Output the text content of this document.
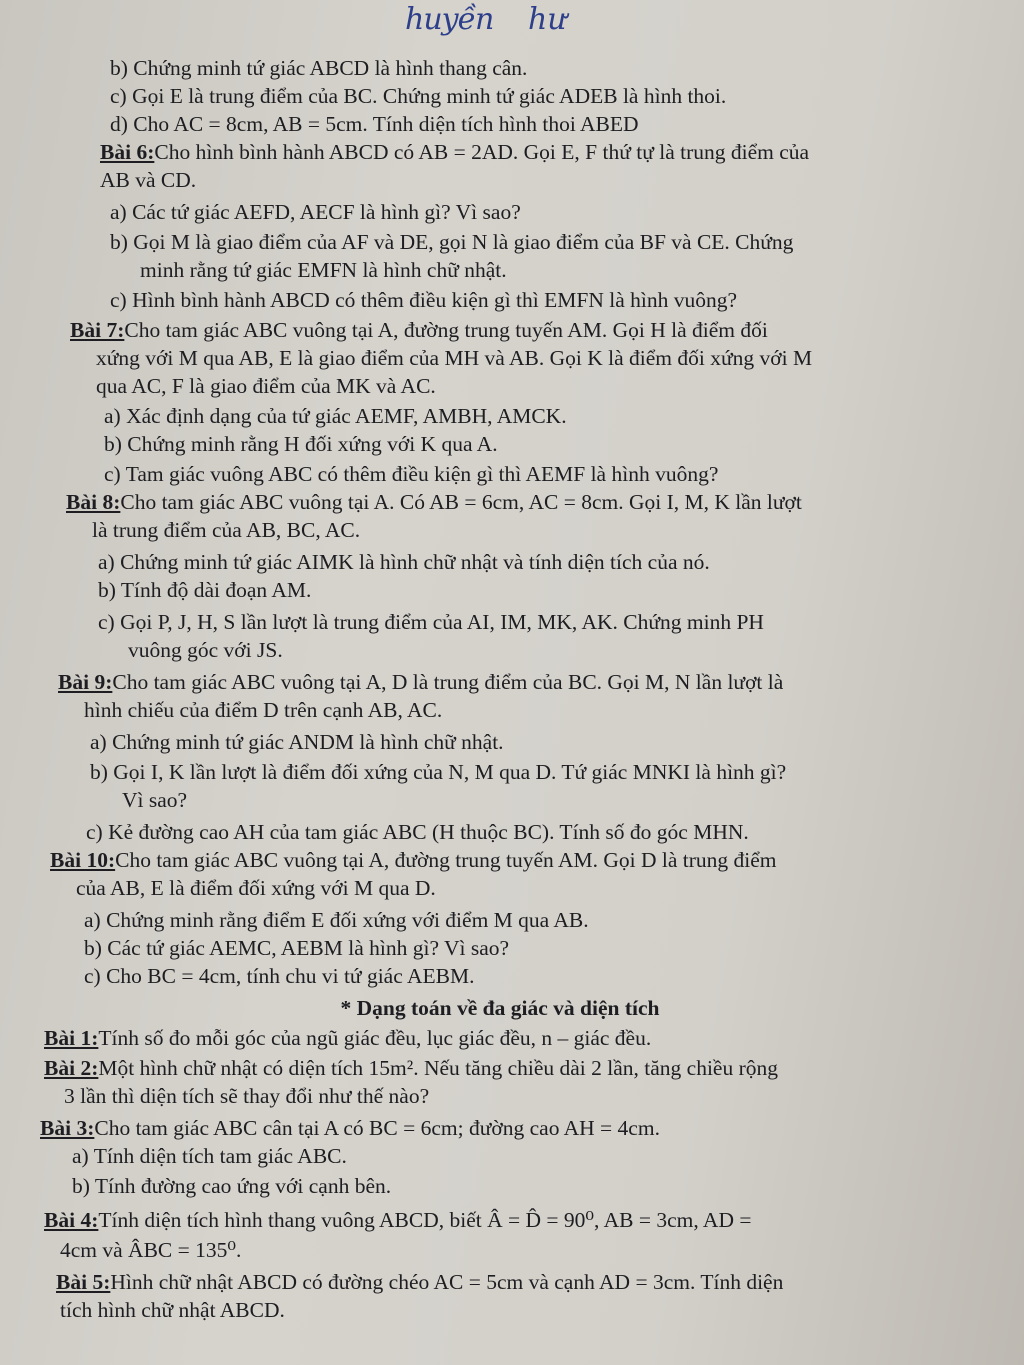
huyền hư
b) Chứng minh tứ giác ABCD là hình thang cân.
c) Gọi E là trung điểm của BC. Chứng minh tứ giác ADEB là hình thoi.
d) Cho AC = 8cm, AB = 5cm. Tính diện tích hình thoi ABED
Bài 6:Cho hình bình hành ABCD có AB = 2AD. Gọi E, F thứ tự là trung điểm của
AB và CD.
a) Các tứ giác AEFD, AECF là hình gì? Vì sao?
b) Gọi M là giao điểm của AF và DE, gọi N là giao điểm của BF và CE. Chứng
minh rằng tứ giác EMFN là hình chữ nhật.
c) Hình bình hành ABCD có thêm điều kiện gì thì EMFN là hình vuông?
Bài 7:Cho tam giác ABC vuông tại A, đường trung tuyến AM. Gọi H là điểm đối
xứng với M qua AB, E là giao điểm của MH và AB. Gọi K là điểm đối xứng với M
qua AC, F là giao điểm của MK và AC.
a) Xác định dạng của tứ giác AEMF, AMBH, AMCK.
b) Chứng minh rằng H đối xứng với K qua A.
c) Tam giác vuông ABC có thêm điều kiện gì thì AEMF là hình vuông?
Bài 8:Cho tam giác ABC vuông tại A. Có AB = 6cm, AC = 8cm. Gọi I, M, K lần lượt
là trung điểm của AB, BC, AC.
a) Chứng minh tứ giác AIMK là hình chữ nhật và tính diện tích của nó.
b) Tính độ dài đoạn AM.
c) Gọi P, J, H, S lần lượt là trung điểm của AI, IM, MK, AK. Chứng minh PH
vuông góc với JS.
Bài 9:Cho tam giác ABC vuông tại A, D là trung điểm của BC. Gọi M, N lần lượt là
hình chiếu của điểm D trên cạnh AB, AC.
a) Chứng minh tứ giác ANDM là hình chữ nhật.
b) Gọi I, K lần lượt là điểm đối xứng của N, M qua D. Tứ giác MNKI là hình gì?
Vì sao?
c) Kẻ đường cao AH của tam giác ABC (H thuộc BC). Tính số đo góc MHN.
Bài 10:Cho tam giác ABC vuông tại A, đường trung tuyến AM. Gọi D là trung điểm
của AB, E là điểm đối xứng với M qua D.
a) Chứng minh rằng điểm E đối xứng với điểm M qua AB.
b) Các tứ giác AEMC, AEBM là hình gì? Vì sao?
c) Cho BC = 4cm, tính chu vi tứ giác AEBM.
* Dạng toán về đa giác và diện tích
Bài 1:Tính số đo mỗi góc của ngũ giác đều, lục giác đều, n – giác đều.
Bài 2:Một hình chữ nhật có diện tích 15m². Nếu tăng chiều dài 2 lần, tăng chiều rộng
3 lần thì diện tích sẽ thay đổi như thế nào?
Bài 3:Cho tam giác ABC cân tại A có BC = 6cm; đường cao AH = 4cm.
a) Tính diện tích tam giác ABC.
b) Tính đường cao ứng với cạnh bên.
Bài 4:Tính diện tích hình thang vuông ABCD, biết Â = D̂ = 90⁰, AB = 3cm, AD =
4cm và ÂBC = 135⁰.
Bài 5:Hình chữ nhật ABCD có đường chéo AC = 5cm và cạnh AD = 3cm. Tính diện
tích hình chữ nhật ABCD.
